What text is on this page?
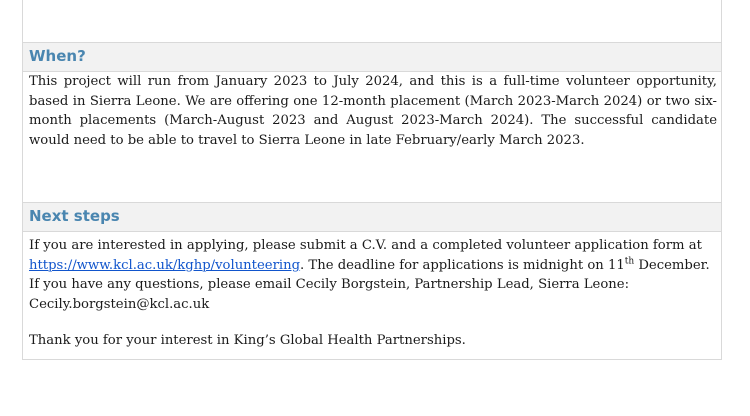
When?
This project will run from January 2023 to July 2024, and this is a full-time volunteer opportunity, based in Sierra Leone. We are offering one 12-month placement (March 2023-March 2024) or two six-month placements (March-August 2023 and August 2023-March 2024). The successful candidate would need to be able to travel to Sierra Leone in late February/early March 2023.
Next steps
If you are interested in applying, please submit a C.V. and a completed volunteer application form at
https://www.kcl.ac.uk/kghp/volunteering. The deadline for applications is midnight on 11th December. If you have any questions, please email Cecily Borgstein, Partnership Lead, Sierra Leone:
Cecily.borgstein@kcl.ac.uk
Thank you for your interest in King’s Global Health Partnerships.
